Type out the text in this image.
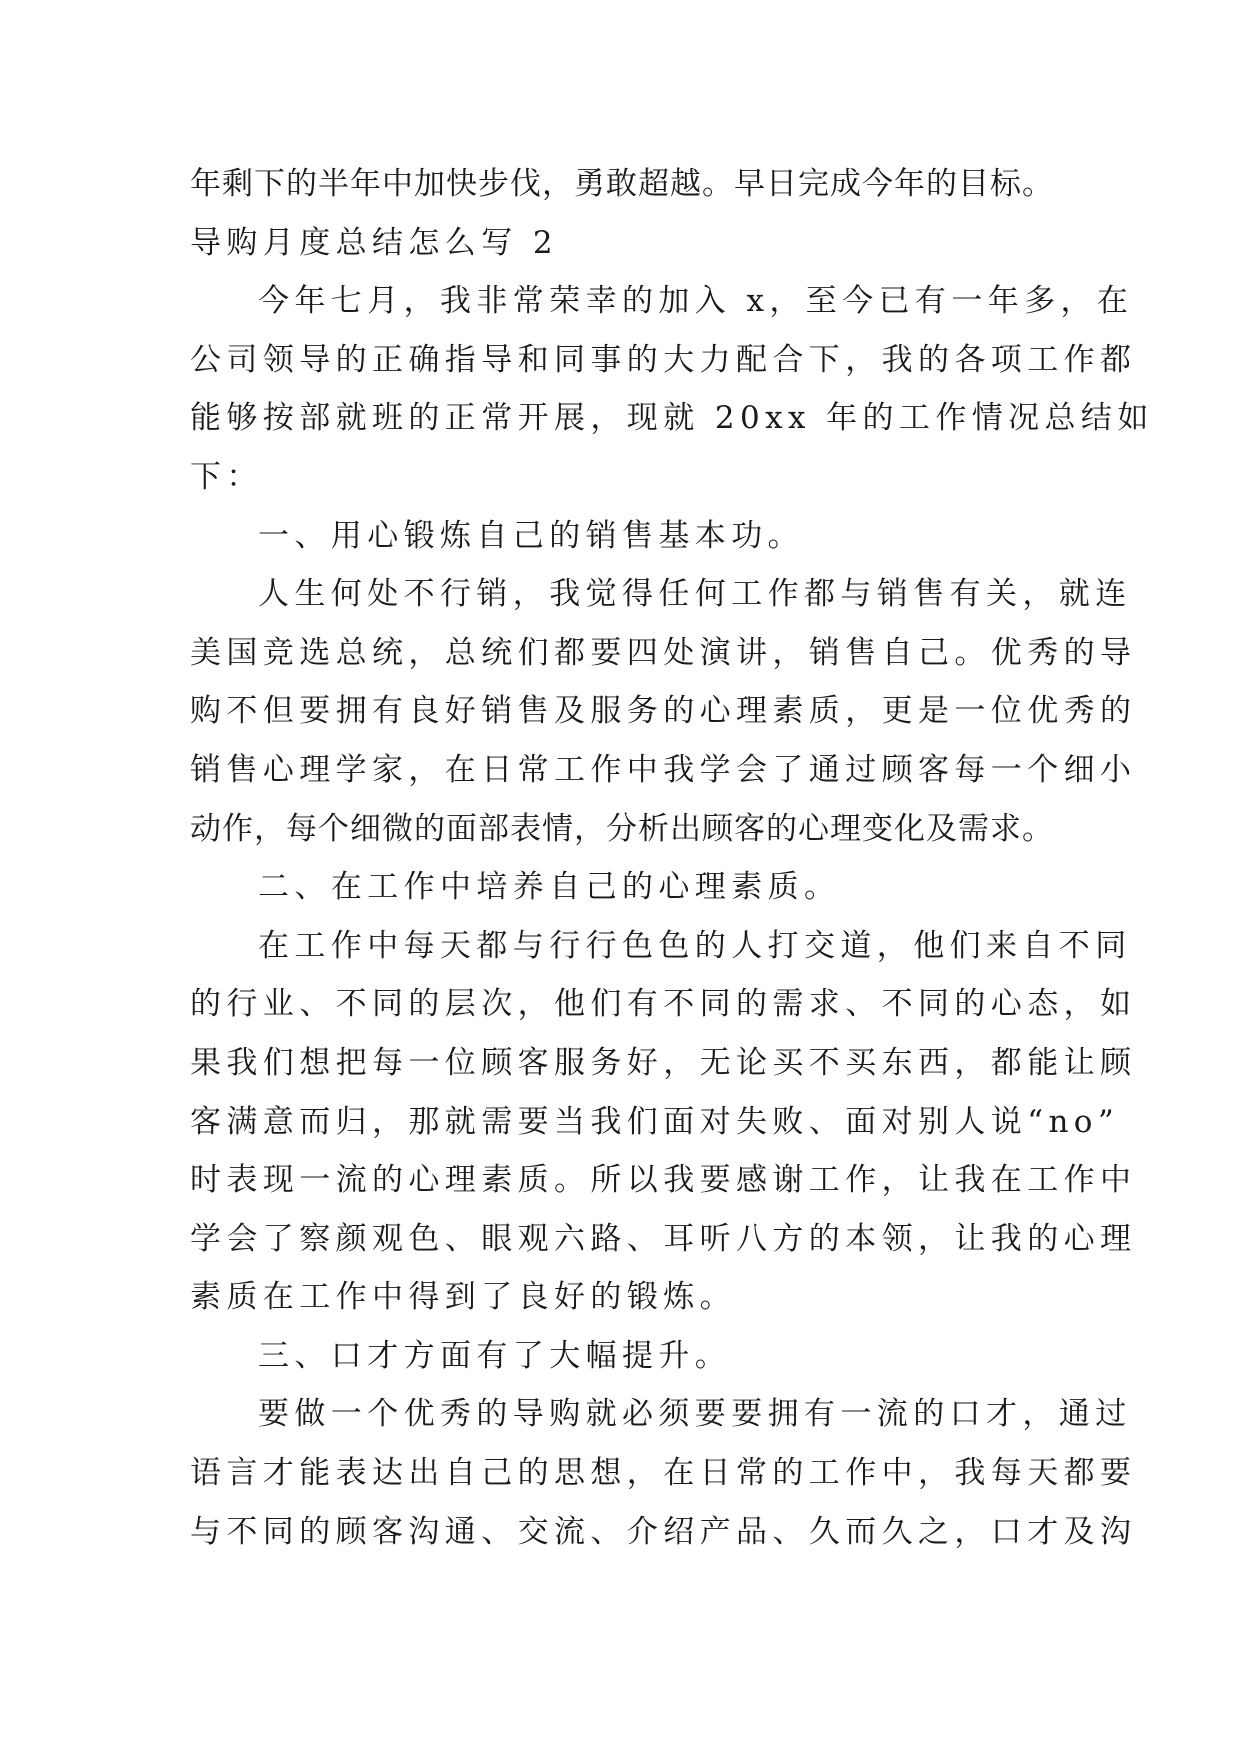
年剩下的半年中加快步伐，勇敢超越。早日完成今年的目标。
导购月度总结怎么写 2
今年七月，我非常荣幸的加入 x，至今已有一年多，在
公司领导的正确指导和同事的大力配合下，我的各项工作都
能够按部就班的正常开展，现就 20xx 年的工作情况总结如
下：
一、用心锻炼自己的销售基本功。
人生何处不行销，我觉得任何工作都与销售有关，就连
美国竞选总统，总统们都要四处演讲，销售自己。优秀的导
购不但要拥有良好销售及服务的心理素质，更是一位优秀的
销售心理学家，在日常工作中我学会了通过顾客每一个细小
动作，每个细微的面部表情，分析出顾客的心理变化及需求。
二、在工作中培养自己的心理素质。
在工作中每天都与行行色色的人打交道，他们来自不同
的行业、不同的层次，他们有不同的需求、不同的心态，如
果我们想把每一位顾客服务好，无论买不买东西，都能让顾
客满意而归，那就需要当我们面对失败、面对别人说“no”
时表现一流的心理素质。所以我要感谢工作，让我在工作中
学会了察颜观色、眼观六路、耳听八方的本领，让我的心理
素质在工作中得到了良好的锻炼。
三、口才方面有了大幅提升。
要做一个优秀的导购就必须要要拥有一流的口才，通过
语言才能表达出自己的思想，在日常的工作中，我每天都要
与不同的顾客沟通、交流、介绍产品、久而久之，口才及沟
